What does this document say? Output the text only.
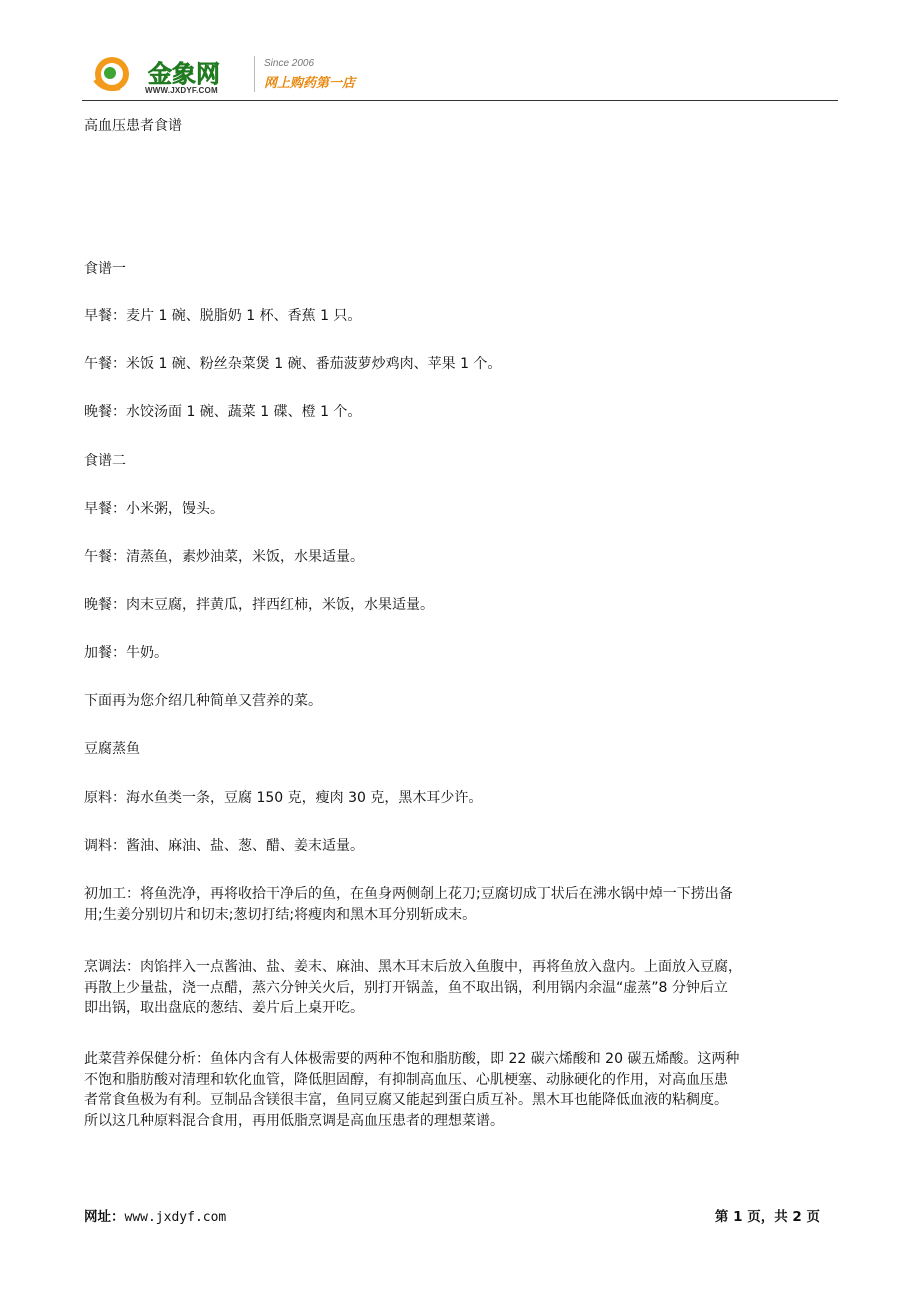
金象网
WWW.JXDYF.COM
Since 2006
网上购药第一店
高血压患者食谱
食谱一
早餐：麦片 1 碗、脱脂奶 1 杯、香蕉 1 只。
午餐：米饭 1 碗、粉丝杂菜煲 1 碗、番茄菠萝炒鸡肉、苹果 1 个。
晚餐：水饺汤面 1 碗、蔬菜 1 碟、橙 1 个。
食谱二
早餐：小米粥，馒头。
午餐：清蒸鱼，素炒油菜，米饭，水果适量。
晚餐：肉末豆腐，拌黄瓜，拌西红柿，米饭，水果适量。
加餐：牛奶。
下面再为您介绍几种简单又营养的菜。
豆腐蒸鱼
原料：海水鱼类一条，豆腐 150 克，瘦肉 30 克，黑木耳少许。
调料：酱油、麻油、盐、葱、醋、姜末适量。
初加工：将鱼洗净，再将收拾干净后的鱼，在鱼身两侧剞上花刀;豆腐切成丁状后在沸水锅中焯一下捞出备
用;生姜分别切片和切末;葱切打结;将瘦肉和黑木耳分别斩成末。
烹调法：肉馅拌入一点酱油、盐、姜末、麻油、黑木耳末后放入鱼腹中，再将鱼放入盘内。上面放入豆腐，
再散上少量盐，浇一点醋，蒸六分钟关火后，别打开锅盖，鱼不取出锅，利用锅内余温“虚蒸”8 分钟后立
即出锅，取出盘底的葱结、姜片后上桌开吃。
此菜营养保健分析：鱼体内含有人体极需要的两种不饱和脂肪酸，即 22 碳六烯酸和 20 碳五烯酸。这两种
不饱和脂肪酸对清理和软化血管，降低胆固醇，有抑制高血压、心肌梗塞、动脉硬化的作用，对高血压患
者常食鱼极为有利。豆制品含镁很丰富，鱼同豆腐又能起到蛋白质互补。黑木耳也能降低血液的粘稠度。
所以这几种原料混合食用，再用低脂烹调是高血压患者的理想菜谱。
网址：www.jxdyf.com	第 1 页，共 2 页
